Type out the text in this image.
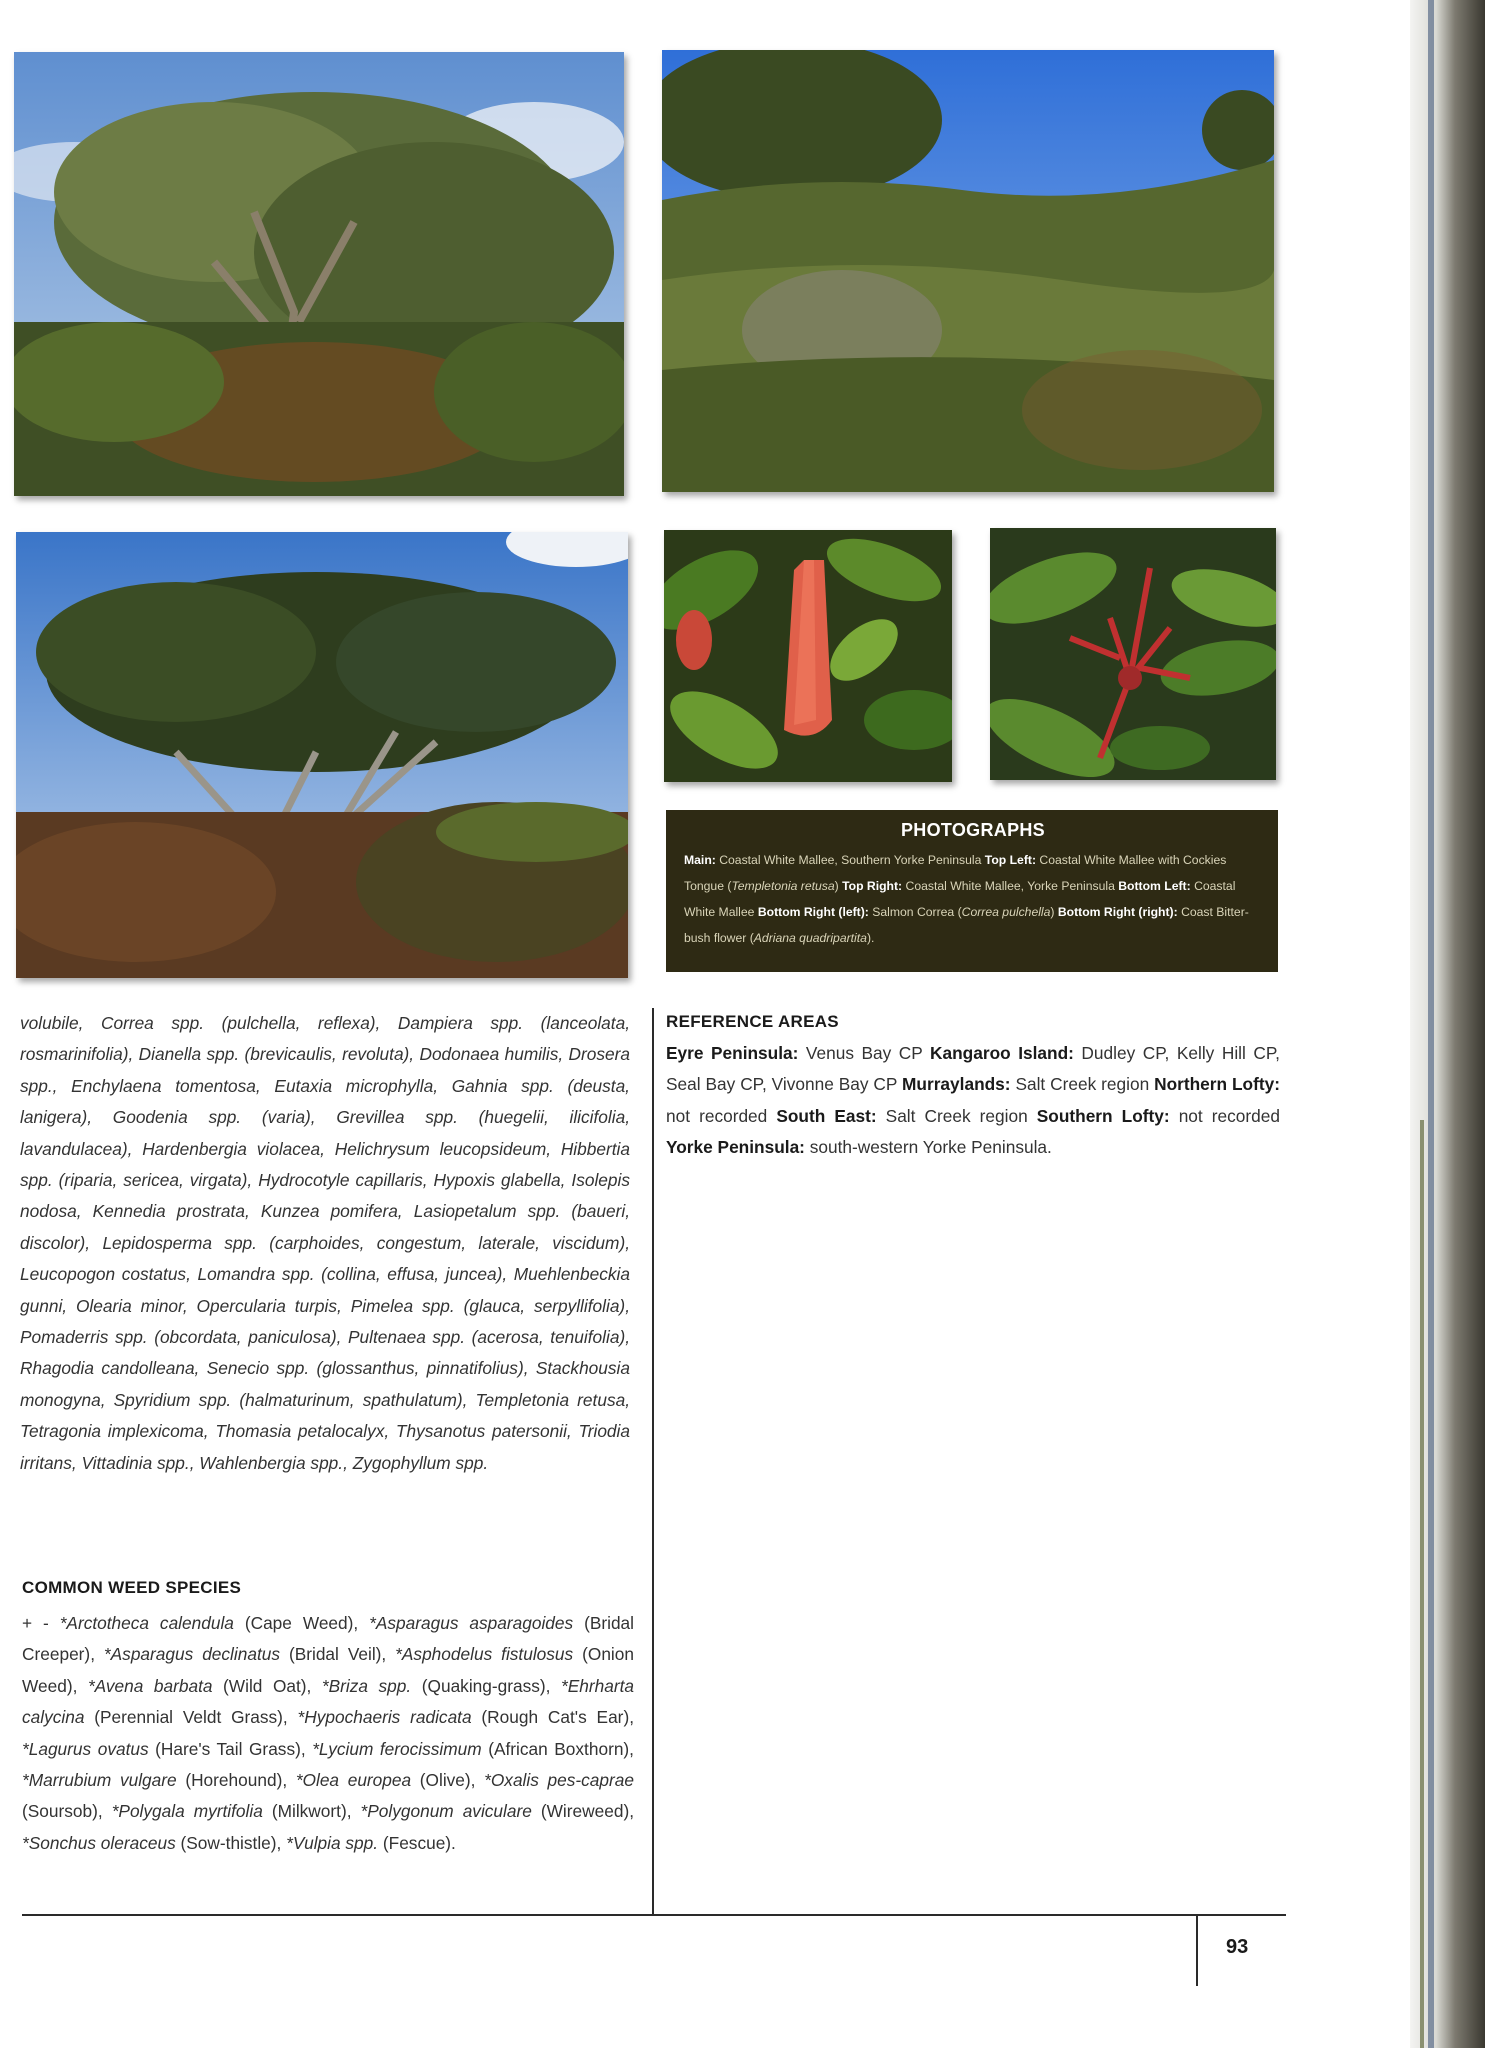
PHOTOGRAPHS
Main: Coastal White Mallee, Southern Yorke Peninsula Top Left: Coastal White Mallee with Cockies Tongue (Templetonia retusa) Top Right: Coastal White Mallee, Yorke Peninsula Bottom Left: Coastal White Mallee Bottom Right (left): Salmon Correa (Correa pulchella) Bottom Right (right): Coast Bitter-bush flower (Adriana quadripartita).
volubile, Correa spp. (pulchella, reflexa), Dampiera spp. (lanceolata, rosmarinifolia), Dianella spp. (brevicaulis, revoluta), Dodonaea humilis, Drosera spp., Enchylaena tomentosa, Eutaxia microphylla, Gahnia spp. (deusta, lanigera), Goodenia spp. (varia), Grevillea spp. (huegelii, ilicifolia, lavandulacea), Hardenbergia violacea, Helichrysum leucopsideum, Hibbertia spp. (riparia, sericea, virgata), Hydrocotyle capillaris, Hypoxis glabella, Isolepis nodosa, Kennedia prostrata, Kunzea pomifera, Lasiopetalum spp. (baueri, discolor), Lepidosperma spp. (carphoides, congestum, laterale, viscidum), Leucopogon costatus, Lomandra spp. (collina, effusa, juncea), Muehlenbeckia gunni, Olearia minor, Opercularia turpis, Pimelea spp. (glauca, serpyllifolia), Pomaderris spp. (obcordata, paniculosa), Pultenaea spp. (acerosa, tenuifolia), Rhagodia candolleana, Senecio spp. (glossanthus, pinnatifolius), Stackhousia monogyna, Spyridium spp. (halmaturinum, spathulatum), Templetonia retusa, Tetragonia implexicoma, Thomasia petalocalyx, Thysanotus patersonii, Triodia irritans, Vittadinia spp., Wahlenbergia spp., Zygophyllum spp.
COMMON WEED SPECIES
+ - *Arctotheca calendula (Cape Weed), *Asparagus asparagoides (Bridal Creeper), *Asparagus declinatus (Bridal Veil), *Asphodelus fistulosus (Onion Weed), *Avena barbata (Wild Oat), *Briza spp. (Quaking-grass), *Ehrharta calycina (Perennial Veldt Grass), *Hypochaeris radicata (Rough Cat's Ear), *Lagurus ovatus (Hare's Tail Grass), *Lycium ferocissimum (African Boxthorn), *Marrubium vulgare (Horehound), *Olea europea (Olive), *Oxalis pes-caprae (Soursob), *Polygala myrtifolia (Milkwort), *Polygonum aviculare (Wireweed), *Sonchus oleraceus (Sow-thistle), *Vulpia spp. (Fescue).
REFERENCE AREAS
Eyre Peninsula: Venus Bay CP Kangaroo Island: Dudley CP, Kelly Hill CP, Seal Bay CP, Vivonne Bay CP Murraylands: Salt Creek region Northern Lofty: not recorded South East: Salt Creek region Southern Lofty: not recorded Yorke Peninsula: south-western Yorke Peninsula.
93
